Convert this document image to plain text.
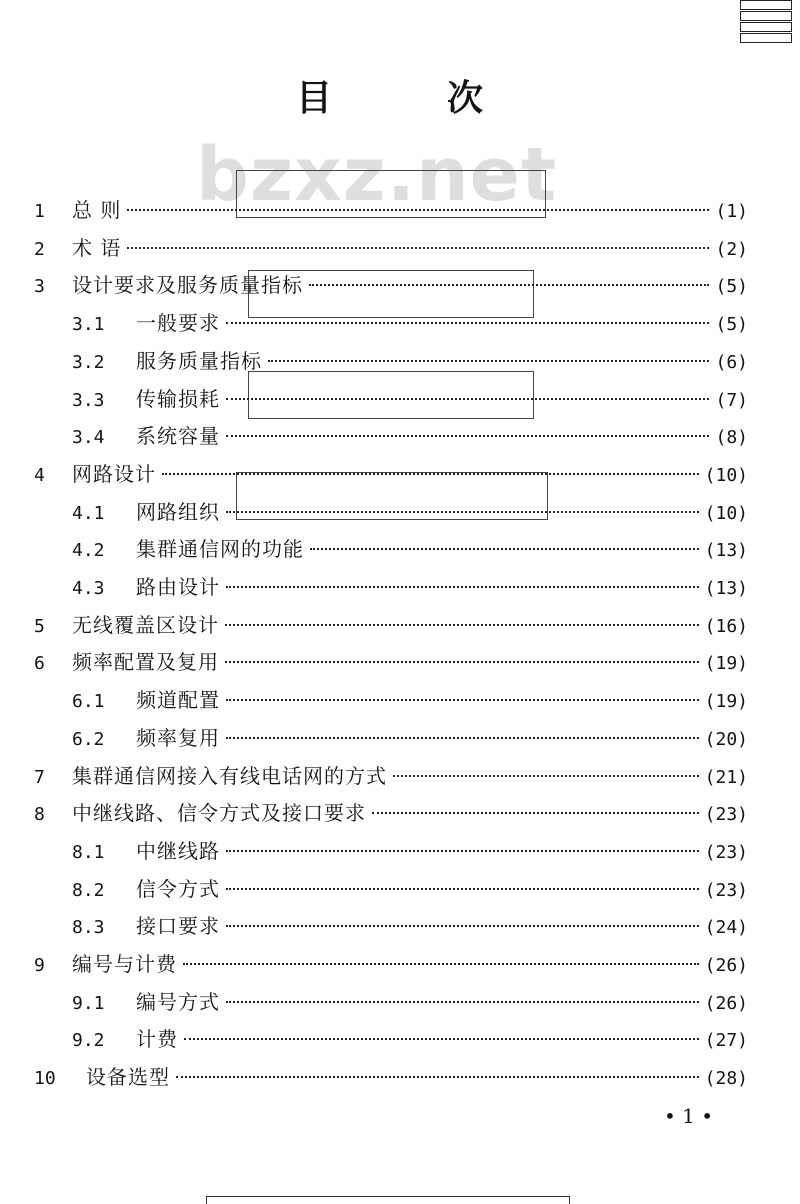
目	次
bzxz.net
1	总 则	(1)
2	术 语	(2)
3	设计要求及服务质量指标	(5)
3.1	一般要求	(5)
3.2	服务质量指标	(6)
3.3	传输损耗	(7)
3.4	系统容量	(8)
4	网路设计	(10)
4.1	网路组织	(10)
4.2	集群通信网的功能	(13)
4.3	路由设计	(13)
5	无线覆盖区设计	(16)
6	频率配置及复用	(19)
6.1	频道配置	(19)
6.2	频率复用	(20)
7	集群通信网接入有线电话网的方式	(21)
8	中继线路、信令方式及接口要求	(23)
8.1	中继线路	(23)
8.2	信令方式	(23)
8.3	接口要求	(24)
9	编号与计费	(26)
9.1	编号方式	(26)
9.2	计费	(27)
10	设备选型	(28)
• 1 •
